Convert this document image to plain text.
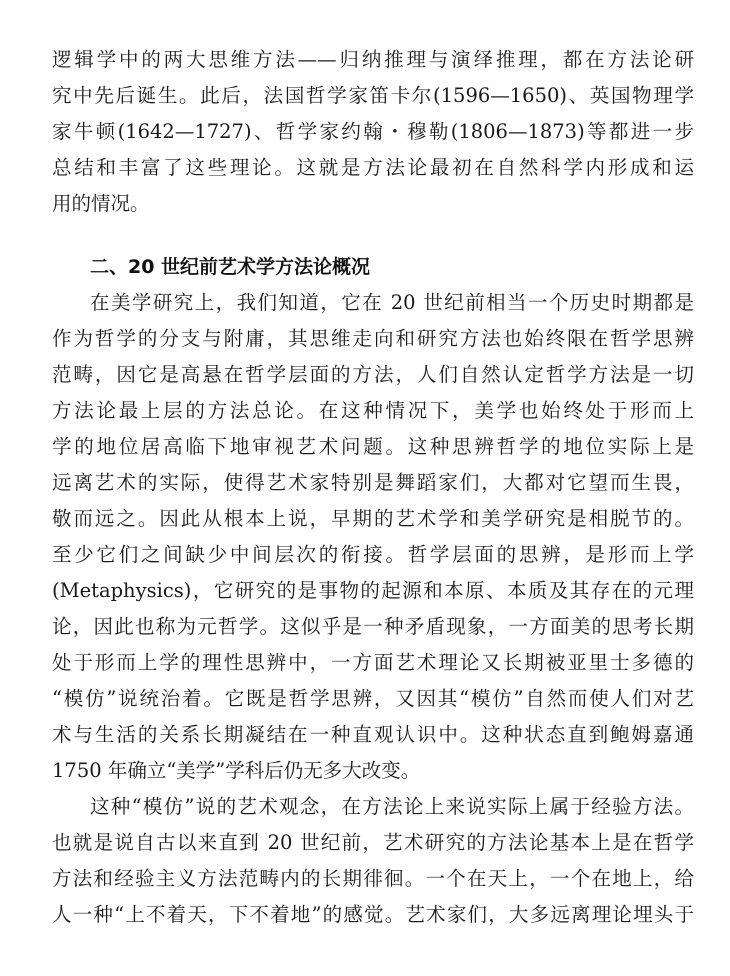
逻辑学中的两大思维方法——归纳推理与演绎推理，都在方法论研
究中先后诞生。此后，法国哲学家笛卡尔(1596—1650)、英国物理学
家牛顿(1642—1727)、哲学家约翰・穆勒(1806—1873)等都进一步
总结和丰富了这些理论。这就是方法论最初在自然科学内形成和运
用的情况。
二、20 世纪前艺术学方法论概况
在美学研究上，我们知道，它在 20 世纪前相当一个历史时期都是
作为哲学的分支与附庸，其思维走向和研究方法也始终限在哲学思辨
范畴，因它是高悬在哲学层面的方法，人们自然认定哲学方法是一切
方法论最上层的方法总论。在这种情况下，美学也始终处于形而上
学的地位居高临下地审视艺术问题。这种思辨哲学的地位实际上是
远离艺术的实际，使得艺术家特别是舞蹈家们，大都对它望而生畏，
敬而远之。因此从根本上说，早期的艺术学和美学研究是相脱节的。
至少它们之间缺少中间层次的衔接。哲学层面的思辨，是形而上学
(Metaphysics)，它研究的是事物的起源和本原、本质及其存在的元理
论，因此也称为元哲学。这似乎是一种矛盾现象，一方面美的思考长期
处于形而上学的理性思辨中，一方面艺术理论又长期被亚里士多德的
“模仿”说统治着。它既是哲学思辨，又因其“模仿”自然而使人们对艺
术与生活的关系长期凝结在一种直观认识中。这种状态直到鲍姆嘉通
1750 年确立“美学”学科后仍无多大改变。
这种“模仿”说的艺术观念，在方法论上来说实际上属于经验方法。
也就是说自古以来直到 20 世纪前，艺术研究的方法论基本上是在哲学
方法和经验主义方法范畴内的长期徘徊。一个在天上，一个在地上，给
人一种“上不着天，下不着地”的感觉。艺术家们，大多远离理论埋头于
